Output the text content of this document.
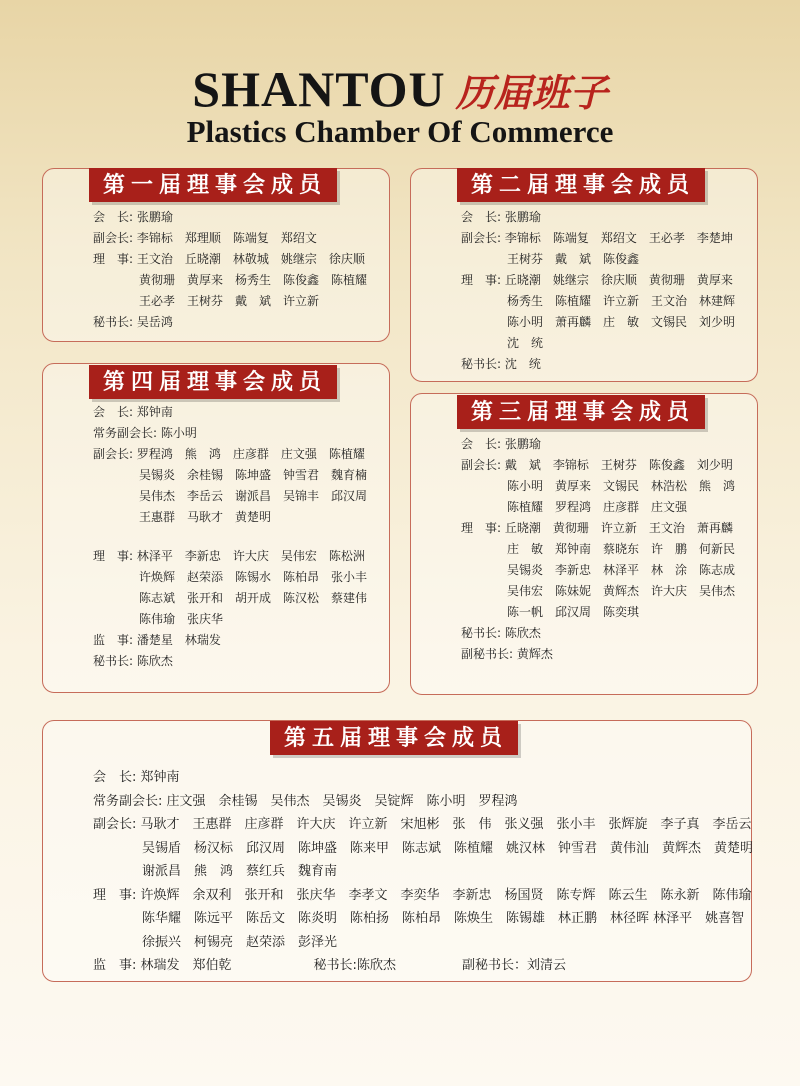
SHANTOU 历届班子
Plastics Chamber Of Commerce
第一届理事会成员
会　长:
张鹏瑜
副会长:
李锦标　郑理顺　陈端复　郑绍文
理　事:
王文治　丘晓潮　林敬城　姚继宗　徐庆顺
黄彻珊　黄厚来　杨秀生　陈俊鑫　陈植耀
王必孝　王树芬　戴　斌　许立新
秘书长:
吴岳鸿
第二届理事会成员
会　长:
张鹏瑜
副会长:
李锦标　陈端复　郑绍文　王必孝　李楚坤
王树芬　戴　斌　陈俊鑫
理　事:
丘晓潮　姚继宗　徐庆顺　黄彻珊　黄厚来
杨秀生　陈植耀　许立新　王文治　林建辉
陈小明　萧再麟　庄　敏　文锡民　刘少明
沈　统
秘书长:
沈　统
第四届理事会成员
会　长:
郑钟南
常务副会长:
陈小明
副会长:
罗程鸿　熊　鸿　庄彦群　庄文强　陈植耀
吴锡炎　余桂锡　陈坤盛　钟雪君　魏育楠
吴伟杰　李岳云　谢派昌　吴锦丰　邱汉周
王惠群　马耿才　黄楚明
理　事:
林泽平　李新忠　许大庆　吴伟宏　陈松洲
许焕辉　赵荣添　陈锡水　陈柏昂　张小丰
陈志斌　张开和　胡开成　陈汉松　蔡建伟
陈伟瑜　张庆华
监　事:
潘楚星　林瑞发
秘书长:
陈欣杰
第三届理事会成员
会　长:
张鹏瑜
副会长:
戴　斌　李锦标　王树芬　陈俊鑫　刘少明
陈小明　黄厚来　文锡民　林浩松　熊　鸿
陈植耀　罗程鸿　庄彦群　庄文强
理　事:
丘晓潮　黄彻珊　许立新　王文治　萧再麟
庄　敏　郑钟南　蔡晓东　许　鹏　何新民
吴锡炎　李新忠　林泽平　林　涂　陈志成
吴伟宏　陈妹妮　黄辉杰　许大庆　吴伟杰
陈一帆　邱汉周　陈奕琪
秘书长:
陈欣杰
副秘书长:
黄辉杰
第五届理事会成员
会　长:
郑钟南
常务副会长:
庄文强　余桂锡　吴伟杰　吴锡炎　吴锭辉　陈小明　罗程鸿
副会长:
马耿才　王惠群　庄彦群　许大庆　许立新　宋旭彬　张　伟　张义强　张小丰　张辉旋　李子真　李岳云
吴锡盾　杨汉标　邱汉周　陈坤盛　陈来甲　陈志斌　陈植耀　姚汉林　钟雪君　黄伟汕　黄辉杰　黄楚明
谢派昌　熊　鸿　蔡红兵　魏育南
理　事:
许焕辉　余双利　张开和　张庆华　李孝文　李奕华　李新忠　杨国贤　陈专辉　陈云生　陈永新　陈伟瑜
陈华耀　陈远平　陈岳文　陈炎明　陈柏扬　陈柏昂　陈焕生　陈锡雄　林正鹏　林径晖 林泽平　姚喜智
徐振兴　柯锡亮　赵荣添　彭泽光
监　事:
林瑞发　郑伯乾	秘书长:陈欣杰	副秘书长：刘清云
